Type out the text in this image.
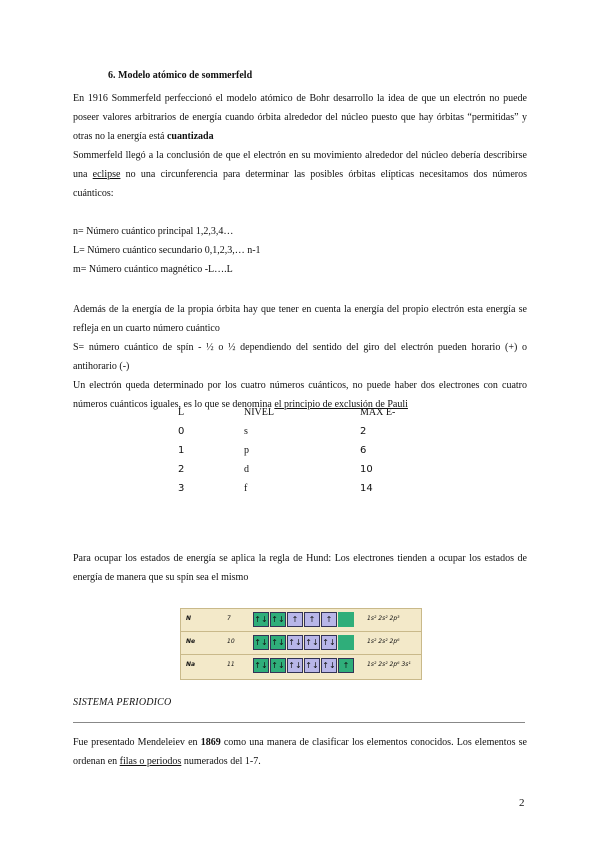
6. Modelo atómico de sommerfeld

En 1916 Sommerfeld perfeccionó el modelo atómico de Bohr desarrollo la idea de que un electrón no puede poseer valores arbitrarios de energía cuando órbita alrededor del núcleo puesto que hay órbitas “permitidas” y otras no la energía está cuantizada

Sommerfeld llegó a la conclusión de que el electrón en su movimiento alrededor del núcleo debería describirse una eclipse no una circunferencia para determinar las posibles órbitas elípticas necesitamos dos números cuánticos:

n= Número cuántico principal 1,2,3,4…

L= Número cuántico secundario 0,1,2,3,… n-1

m= Número cuántico magnético -L….L

Además de la energía de la propia órbita hay que tener en cuenta la energía del propio electrón esta energía se refleja en un cuarto número cuántico

S= número cuántico de spín - ½ o ½ dependiendo del sentido del giro del electrón pueden horario (+) o antihorario (-)

Un electrón queda determinado por los cuatro números cuánticos, no puede haber dos electrones con cuatro números cuánticos iguales, es lo que se denomina el principio de exclusión de Pauli

L	NIVEL	MAX E-
0	s	2
1	p	6
2	d	10
3	f	14

Para ocupar los estados de energía se aplica la regla de Hund: Los electrones tienden a ocupar los estados de energía de manera que su spín sea el mismo

N	7	↑↓ ↑↓ ↑	↑	↑	1s² 2s² 2p³
Ne	10 ↑↓ ↑↓ ↑↓ ↑↓ ↑↓	1s² 2s² 2p⁶
Na	11 ↑↓ ↑↓ ↑↓ ↑↓ ↑↓ ↑	1s² 2s² 2p⁶ 3s¹

SISTEMA PERIODICO

Fue presentado Mendeleiev en 1869 como una manera de clasificar los elementos conocidos. Los elementos se ordenan en filas o periodos numerados del 1-7.

2
